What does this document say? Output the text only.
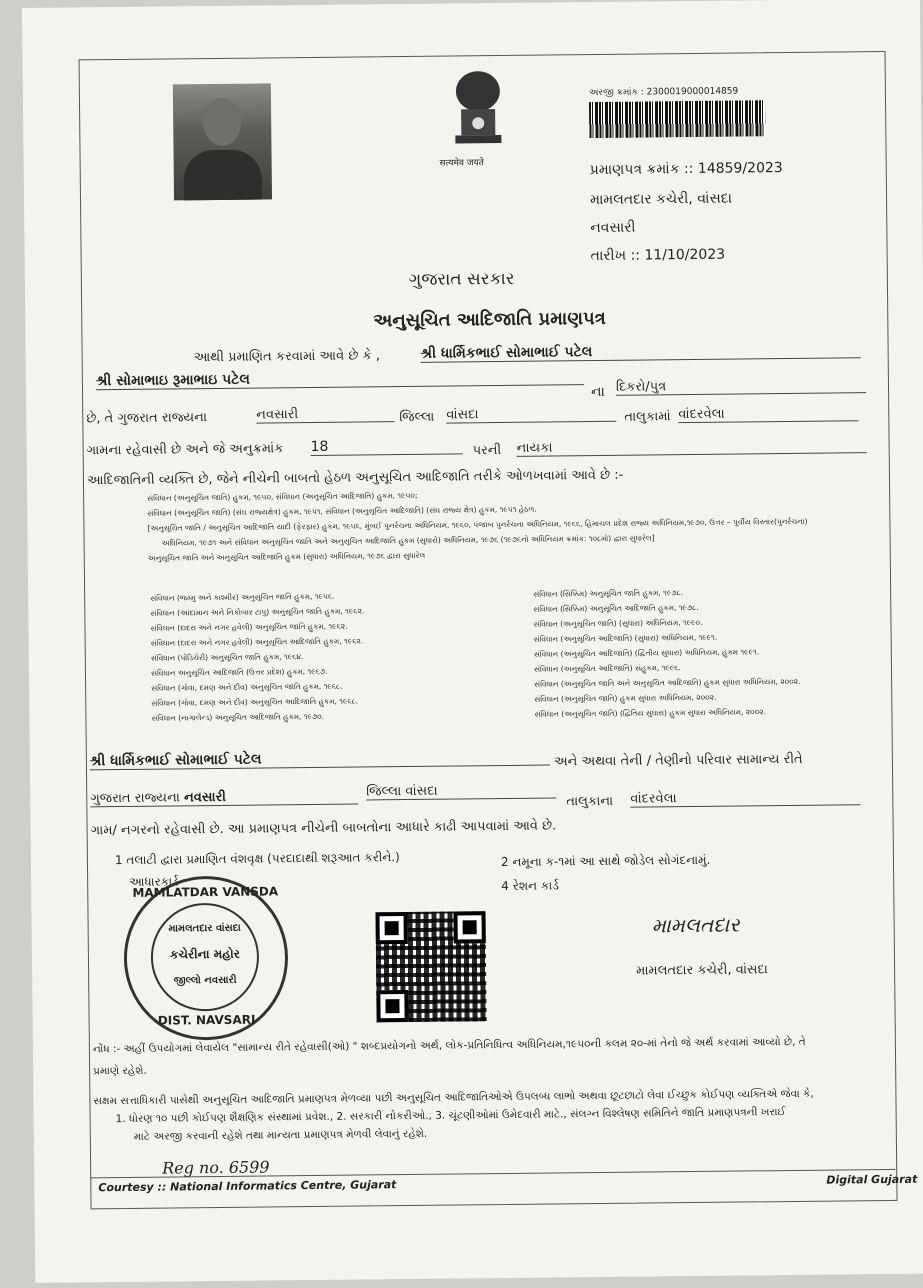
सत्यमेव जयते
અરજી ક્રમાંક : 2300019000014859
પ્રમાણપત્ર ક્રમાંક :: 14859/2023
મામલતદાર કચેરી, વાંસદા
નવસારી
તારીખ :: 11/10/2023
ગુજરાત સરકાર
અનુસૂચિત આદિજાતિ પ્રમાણપત્ર
આથી પ્રમાણિત કરવામાં આવે છે કે ,	શ્રી ધાર્મિકભાઈ સોમાભાઈ પટેલ
શ્રી સોમાભાઇ રૂમાભાઇ પટેલ
ના દિકરો/પુત્ર
છે, તે ગુજરાત રાજ્યના	નવસારી	જિલ્લા વાંસદા	તાલુકામાં વાંદરવેલા
ગામના રહેવાસી છે અને જે અનુક્રમાંક 18	પરની નાયકા
આદિજાતિની વ્યક્તિ છે, જેને નીચેની બાબતો હેઠળ અનુસૂચિત આદિજાતિ તરીકે ઓળખવામાં આવે છે :-
સંવિધાન (અનુસૂચિત જાતિ) હુકમ, ૧૯૫૦, સંવિધાન (અનુસૂચિત આદિજાતિ) હુકમ, ૧૯૫૦;
સંવિધાન (અનુસૂચિત જાતિ) (સંઘ રાજ્યક્ષેત્ર) હુકમ, ૧૯૫૧, સંવિધાન (અનુસૂચિત આદિજાતિ) (સંઘ રાજ્ય ક્ષેત્ર) હુકમ, ૧૯૫૧ હેઠળ.
[અનુસૂચિત જાતિ / અનુસૂચિત આદિજાતિ યાદી (ફેરફાર) હુકમ, ૧૯૫૬, મુંબઈ પુનર્રચના અધિનિયમ, ૧૯૬૦, પંજાબ પુનર્રચના અધિનિયમ, ૧૯૬૬, હિમાચલ પ્રદેશ રાજ્ય અધિનિયમ,૧૯૭૦, ઉત્તર – પૂર્વીય વિસ્તાર(પુનર્રચના)
અધિનિયમ, ૧૯૭૧ અને સંવિધાન અનુસૂચિત જાતિ અને અનુસૂચિત આદિજાતિ હુકમ (સુધારો) અધિનિયમ, ૧૯૭૬ (૧૯૭૬નો અધિનિયમ ક્રમાંક: ૧૦૮મો) દ્વારા સુધારેલ]
અનુસૂચિત જાતિ અને અનુસૂચિત આદિજાતિ હુકમ (સુધારા) અધિનિયમ, ૧૯૭૬ દ્વારા સુધારેલ
સંવિધાન (જમ્મુ અને કાશ્મીર) અનુસૂચિત જાતિ હુકમ, ૧૯૫૬.
સંવિધાન (આંદામાન અને નિકોબાર ટાપુ) અનુસૂચિત જાતિ હુકમ, ૧૯૬૨.
સંવિધાન (દાદરા અને નગર હવેલી) અનુસૂચિત જાતિ હુકમ, ૧૯૬૨.
સંવિધાન (દાદરા અને નગર હવેલી) અનુસૂચિત આદિજાતિ હુકમ, ૧૯૬૨.
સંવિધાન (પોંડિચેરી) અનુસૂચિત જાતિ હુકમ, ૧૯૬૪.
સંવિધાન અનુસૂચિત આદિજાતિ (ઉત્તર પ્રદેશ) હુકમ, ૧૯૬૭.
સંવિધાન (ગોવા, દમણ અને દીવ) અનુસૂચિત જાતિ હુકમ, ૧૯૬૮.
સંવિધાન (ગોવા, દમણ અને દીવ) અનુસૂચિત આદિજાતિ હુકમ, ૧૯૬૮.
સંવિધાન (નાગાલેન્ડ) અનુસૂચિત આદિજાતિ હુકમ, ૧૯૭૦.
સંવિધાન (સિક્કિમ) અનુસૂચિત જાતિ હુકમ, ૧૯૭૮.
સંવિધાન (સિક્કિમ) અનુસૂચિત આદિજાતિ હુકમ, ૧૯૭૮.
સંવિધાન (અનુસૂચિત જાતિ) (સુધારા) અધિનિયમ, ૧૯૯૦.
સંવિધાન (અનુસૂચિત આદિજાતિ) (સુધારા) અધિનિયમ, ૧૯૯૧.
સંવિધાન (અનુસૂચિત આદિજાતિ) (દ્વિતીય સુધારા) અધિનિયમ, હુકમ ૧૯૯૧.
સંવિધાન (અનુસૂચિત આદિજાતિ) સંહુકમ, ૧૯૯૬.
સંવિધાન (અનુસૂચિત જાતિ અને અનુસૂચિત આદિજાતિ) હુકમ સુધારા અધિનિયમ, ૨૦૦૨.
સંવિધાન (અનુસૂચિત જાતિ) હુકમ સુધારા અધિનિયમ, ૨૦૦૨.
સંવિધાન (અનુસૂચિત જાતિ) (દ્વિતિય સુધારા) હુકમ સુધારા અધિનિયમ, ૨૦૦૨.
શ્રી ધાર્મિકભાઈ સોમાભાઈ પટેલ	અને અથવા તેની / તેણીનો પરિવાર સામાન્ય રીતે
ગુજરાત રાજ્યના નવસારી	જિલ્લા વાંસદા
તાલુકાના વાંદરવેલા
ગામ/ નગરનો રહેવાસી છે. આ પ્રમાણપત્ર નીચેની બાબતોના આધારે કાઢી આપવામાં આવે છે.
1 તલાટી દ્વારા પ્રમાણિત વંશવૃક્ષ (પરદાદાથી શરૂઆત કરીને.)	2 નમૂના ક-૧માં આ સાથે જોડેલ સોગંદનામું.
આધારકાર્ડ	4 રેશન કાર્ડ
MAMLATDAR VANSDA
મામલતદાર વાંસદા
કચેરીના મહોર
જીલ્લો નવસારી
DIST. NAVSARI
મામલતદાર
મામલતદાર કચેરી, વાંસદા
નોંધ :- અહીં ઉપયોગમાં લેવાયેલ "સામાન્ય રીતે રહેવાસી(ઓ) " શબ્દપ્રયોગનો અર્થ, લોક-પ્રતિનિધિત્વ અધિનિયમ,૧૯૫૦ની કલમ ૨૦-માં તેનો જે અર્થ કરવામાં આવ્યો છે, તે
પ્રમાણે રહેશે.
સક્ષમ સત્તાધિકારી પાસેથી અનુસૂચિત આદિજાતિ પ્રમાણપત્ર મેળવ્યા પછી અનુસૂચિત આદિજાતિઓએ ઉપલબ્ધ લાભો અથવા છૂટછાટો લેવા ઈચ્છુક કોઈપણ વ્યક્તિએ જેવા કે,
1. ધોરણ ૧૦ પછી કોઈપણ શૈક્ષણિક સંસ્થામાં પ્રવેશ., 2. સરકારી નોકરીઓ., 3. ચૂંટણીઓમાં ઉમેદવારી માટે., સંલગ્ન વિશ્લેષણ સમિતિને જાતિ પ્રમાણપત્રની ખરાઈ
માટે અરજી કરવાની રહેશે તથા માન્યતા પ્રમાણપત્ર મેળવી લેવાનું રહેશે.
Reg no. 6599
Courtesy :: National Informatics Centre, Gujarat	Digital Gujarat
